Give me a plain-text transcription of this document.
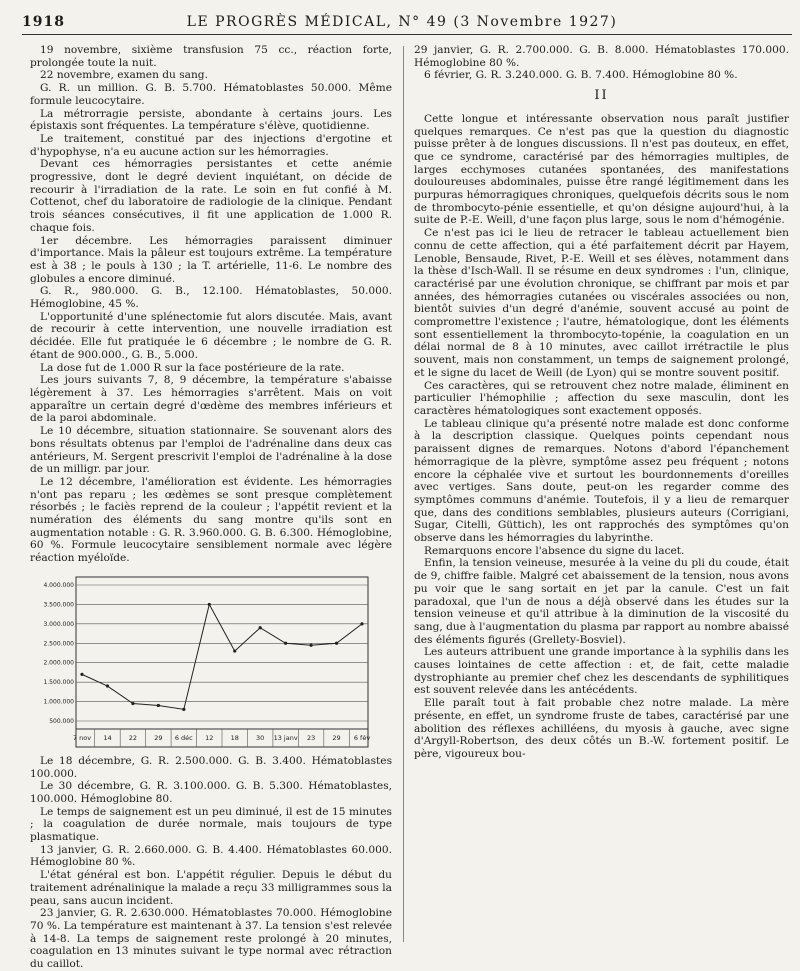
1918	LE PROGRÈS MÉDICAL, N° 49 (3 Novembre 1927)

19 novembre, sixième transfusion 75 cc., réaction forte, prolongée toute la nuit.

22 novembre, examen du sang.

G. R. un million. G. B. 5.700. Hématoblastes 50.000. Même formule leucocytaire.

La métrorragie persiste, abondante à certains jours. Les épistaxis sont fréquentes. La température s'élève, quotidienne.

Le traitement, constitué par des injections d'ergotine et d'hypophyse, n'a eu aucune action sur les hémorragies.

Devant ces hémorragies persistantes et cette anémie progressive, dont le degré devient inquiétant, on décide de recourir à l'irradiation de la rate. Le soin en fut confié à M. Cottenot, chef du laboratoire de radiologie de la clinique. Pendant trois séances consécutives, il fit une application de 1.000 R. chaque fois.

1er décembre. Les hémorragies paraissent diminuer d'importance. Mais la pâleur est toujours extrême. La température est à 38 ; le pouls à 130 ; la T. artérielle, 11-6. Le nombre des globules a encore diminué.

G. R., 980.000. G. B., 12.100. Hématoblastes, 50.000. Hémoglobine, 45 %.

L'opportunité d'une splénectomie fut alors discutée. Mais, avant de recourir à cette intervention, une nouvelle irradiation est décidée. Elle fut pratiquée le 6 décembre ; le nombre de G. R. étant de 900.000., G. B., 5.000.

La dose fut de 1.000 R sur la face postérieure de la rate.

Les jours suivants 7, 8, 9 décembre, la température s'abaisse légèrement à 37. Les hémorragies s'arrêtent. Mais on voit apparaître un certain degré d'œdème des membres inférieurs et de la paroi abdominale.

Le 10 décembre, situation stationnaire. Se souvenant alors des bons résultats obtenus par l'emploi de l'adrénaline dans deux cas antérieurs, M. Sergent prescrivit l'emploi de l'adrénaline à la dose de un milligr. par jour.

Le 12 décembre, l'amélioration est évidente. Les hémorragies n'ont pas reparu ; les œdèmes se sont presque complètement résorbés ; le faciès reprend de la couleur ; l'appétit revient et la numération des éléments du sang montre qu'ils sont en augmentation notable : G. R. 3.960.000. G. B. 6.300. Hémoglobine, 60 %. Formule leucocytaire sensiblement normale avec légère réaction myéloïde.

4.000.000
3.500.000
3.000.000
2.500.000
2.000.000
1.500.000
1.000.000
500.000
7 nov 14	22	29 6 déc 12	18	30 13 janv 23	29 6 fév

Le 18 décembre, G. R. 2.500.000. G. B. 3.400. Hématoblastes 100.000.

Le 30 décembre, G. R. 3.100.000. G. B. 5.300. Hématoblastes, 100.000. Hémoglobine 80.

Le temps de saignement est un peu diminué, il est de 15 minutes ; la coagulation de durée normale, mais toujours de type plasmatique.

13 janvier, G. R. 2.660.000. G. B. 4.400. Hématoblastes 60.000. Hémoglobine 80 %.

L'état général est bon. L'appétit régulier. Depuis le début du traitement adrénalinique la malade a reçu 33 milligrammes sous la peau, sans aucun incident.

23 janvier, G. R. 2.630.000. Hématoblastes 70.000. Hémoglobine 70 %. La température est maintenant à 37. La tension s'est relevée à 14-8. La temps de saignement reste prolongé à 20 minutes, coagulation en 13 minutes suivant le type normal avec rétraction du caillot.

29 janvier, G. R. 2.700.000. G. B. 8.000. Hématoblastes 170.000. Hémoglobine 80 %.

6 février, G. R. 3.240.000. G. B. 7.400. Hémoglobine 80 %.

II

Cette longue et intéressante observation nous paraît justifier quelques remarques. Ce n'est pas que la question du diagnostic puisse prêter à de longues discussions. Il n'est pas douteux, en effet, que ce syndrome, caractérisé par des hémorragies multiples, de larges ecchymoses cutanées spontanées, des manifestations douloureuses abdominales, puisse être rangé légitimement dans les purpuras hémorragiques chroniques, quelquefois décrits sous le nom de thrombocyto-pénie essentielle, et qu'on désigne aujourd'hui, à la suite de P.-E. Weill, d'une façon plus large, sous le nom d'hémogénie.

Ce n'est pas ici le lieu de retracer le tableau actuellement bien connu de cette affection, qui a été parfaitement décrit par Hayem, Lenoble, Bensaude, Rivet, P.-E. Weill et ses élèves, notamment dans la thèse d'Isch-Wall. Il se résume en deux syndromes : l'un, clinique, caractérisé par une évolution chronique, se chiffrant par mois et par années, des hémorragies cutanées ou viscérales associées ou non, bientôt suivies d'un degré d'anémie, souvent accusé au point de compromettre l'existence ; l'autre, hématologique, dont les éléments sont essentiellement la thrombocyto-topénie, la coagulation en un délai normal de 8 à 10 minutes, avec caillot irrétractile le plus souvent, mais non constamment, un temps de saignement prolongé, et le signe du lacet de Weill (de Lyon) qui se montre souvent positif.

Ces caractères, qui se retrouvent chez notre malade, éliminent en particulier l'hémophilie ; affection du sexe masculin, dont les caractères hématologiques sont exactement opposés.

Le tableau clinique qu'a présenté notre malade est donc conforme à la description classique. Quelques points cependant nous paraissent dignes de remarques. Notons d'abord l'épanchement hémorragique de la plèvre, symptôme assez peu fréquent ; notons encore la céphalée vive et surtout les bourdonnements d'oreilles avec vertiges. Sans doute, peut-on les regarder comme des symptômes communs d'anémie. Toutefois, il y a lieu de remarquer que, dans des conditions semblables, plusieurs auteurs (Corrigiani, Sugar, Citelli, Güttich), les ont rapprochés des symptômes qu'on observe dans les hémorragies du labyrinthe.

Remarquons encore l'absence du signe du lacet.

Enfin, la tension veineuse, mesurée à la veine du pli du coude, était de 9, chiffre faible. Malgré cet abaissement de la tension, nous avons pu voir que le sang sortait en jet par la canule. C'est un fait paradoxal, que l'un de nous a déjà observé dans les études sur la tension veineuse et qu'il attribue à la diminution de la viscosité du sang, due à l'augmentation du plasma par rapport au nombre abaissé des éléments figurés (Grellety-Bosviel).

Les auteurs attribuent une grande importance à la syphilis dans les causes lointaines de cette affection : et, de fait, cette maladie dystrophiante au premier chef chez les descendants de syphilitiques est souvent relevée dans les antécédents.

Elle paraît tout à fait probable chez notre malade. La mère présente, en effet, un syndrome fruste de tabes, caractérisé par une abolition des réflexes achilléens, du myosis à gauche, avec signe d'Argyll-Robertson, des deux côtés un B.-W. fortement positif. Le père, vigoureux bou-
